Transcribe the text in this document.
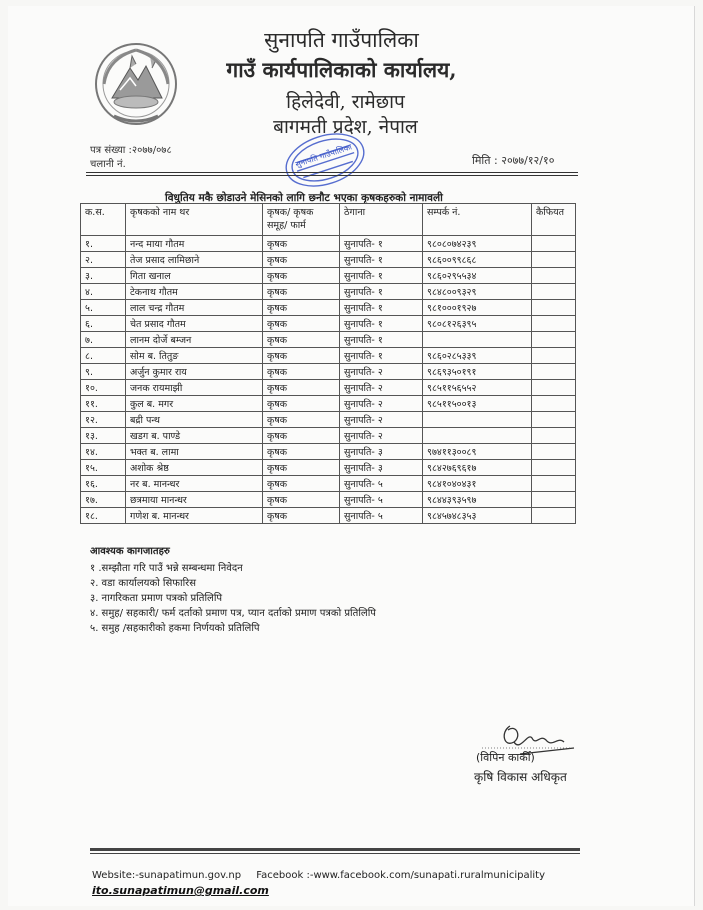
सुनापति गाउँपालिका
गाउँ कार्यपालिकाको कार्यालय,
हिलेदेवी, रामेछाप
बागमती प्रदेश, नेपाल
सुनापति गाउँपालिका
पत्र संख्या :२०७७/०७८
चलानी नं.	मिति : २०७७/१२/१०
विधुतिय मकै छोडाउने मेसिनको लागि छनौट भएका कृषकहरुको नामावली
क.स.	कृषकको नाम थर	कृषक/ कृषक समूह/ फार्म	ठेगाना	सम्पर्क नं.	कैफियत
१.	नन्द माया गौतम	कृषक	सुनापति- १	९८०८०७४२३९	
२.	तेज प्रसाद लामिछाने	कृषक	सुनापति- १	९८६००९९८६८	
३.	गिता खनाल	कृषक	सुनापति- १	९८६०२९५५३४	
४.	टेकनाथ गौतम	कृषक	सुनापति- १	९८४८००९३२९	
५.	लाल चन्द्र गौतम	कृषक	सुनापति- १	९८१०००१९२७	
६.	चेत प्रसाद गौतम	कृषक	सुनापति- १	९८०८१२६३९५	
७.	लानम दोर्जे बम्जन	कृषक	सुनापति- १		
८.	सोम ब. तितुङ	कृषक	सुनापति- १	९८६०२८५३३९	
९.	अर्जुन कुमार राय	कृषक	सुनापति- २	९८६९३५०१९१	
१०.	जनक रायमाझी	कृषक	सुनापति- २	९८५११५६५५२	
११.	कुल ब. मगर	कृषक	सुनापति- २	९८५११५००१३	
१२.	बद्री पन्थ	कृषक	सुनापति- २		
१३.	खडग ब. पाण्डे	कृषक	सुनापति- २		
१४.	भक्त ब. लामा	कृषक	सुनापति- ३	९७४११३००८९	
१५.	अशोक श्रेष्ठ	कृषक	सुनापति- ३	९८४२७६९६१७	
१६.	नर ब. मानन्धर	कृषक	सुनापति- ५	९८४१०४०४३१	
१७.	छत्रमाया मानन्धर	कृषक	सुनापति- ५	९८४४३९३५९७	
१८.	गणेश ब. मानन्धर	कृषक	सुनापति- ५	९८४५७४८३५३	
आवश्यक कागजातहरु
१ .सम्झौता गरि पाउँ भन्ने सम्बन्धमा निवेदन
२. वडा कार्यालयको सिफारिस
३. नागरिकता प्रमाण पत्रको प्रतिलिपि
४. समुह/ सहकारी/ फर्म दर्ताको प्रमाण पत्र, प्यान दर्ताको प्रमाण पत्रको प्रतिलिपि
५. समुह /सहकारीको हकमा निर्णयको प्रतिलिपि
(विपिन कार्की)
कृषि विकास अधिकृत
Website:-sunapatimun.gov.np Facebook :-www.facebook.com/sunapati.ruralmunicipality
ito.sunapatimun@gmail.com
